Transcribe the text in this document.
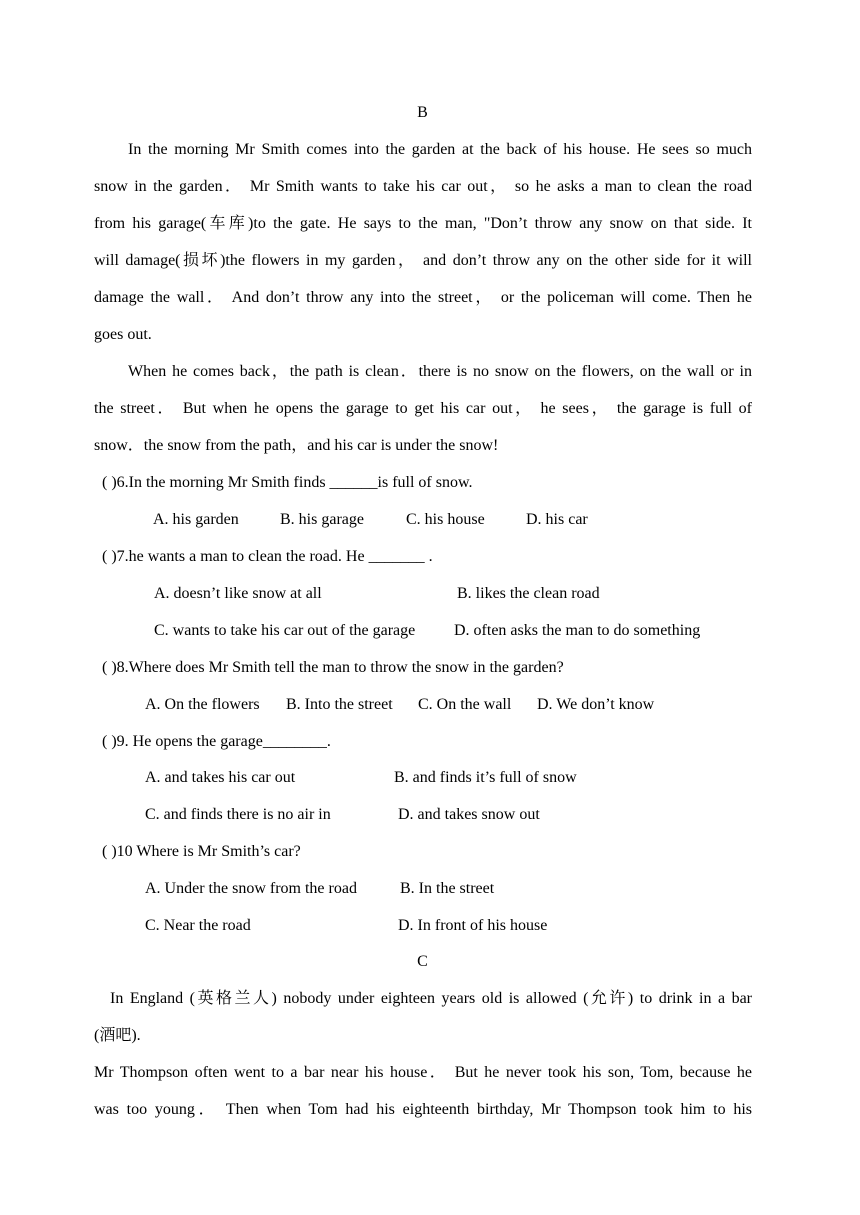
B
In the morning Mr Smith comes into the garden at the back of his house. He sees so much
snow in the garden． Mr Smith wants to take his car out， so he asks a man to clean the road
from his garage(车库)to the gate. He says to the man, "Don’t throw any snow on that side. It
will damage(损坏)the flowers in my garden， and don’t throw any on the other side for it will
damage the wall． And don’t throw any into the street， or the policeman will come. Then he
goes out.
When he comes back，the path is clean．there is no snow on the flowers, on the wall or in
the street． But when he opens the garage to get his car out， he sees， the garage is full of
snow．the snow from the path，and his car is under the snow!
( )6.In the morning Mr Smith finds ______is full of snow.
A. his garden	B. his garage	C. his house	D. his car
( )7.he wants a man to clean the road. He _______ .
A. doesn’t like snow at all	B. likes the clean road
C. wants to take his car out of the garage D. often asks the man to do something
( )8.Where does Mr Smith tell the man to throw the snow in the garden?
A. On the flowers B. Into the street C. On the wall D. We don’t know
( )9. He opens the garage________.
A. and takes his car out	B. and finds it’s full of snow
C. and finds there is no air in	D. and takes snow out
( )10 Where is Mr Smith’s car?
A. Under the snow from the road	B. In the street
C. Near the road	D. In front of his house
C
In England (英格兰人) nobody under eighteen years old is allowed (允许) to drink in a bar
(酒吧).
Mr Thompson often went to a bar near his house． But he never took his son, Tom, because he
was too young． Then when Tom had his eighteenth birthday, Mr Thompson took him to his
